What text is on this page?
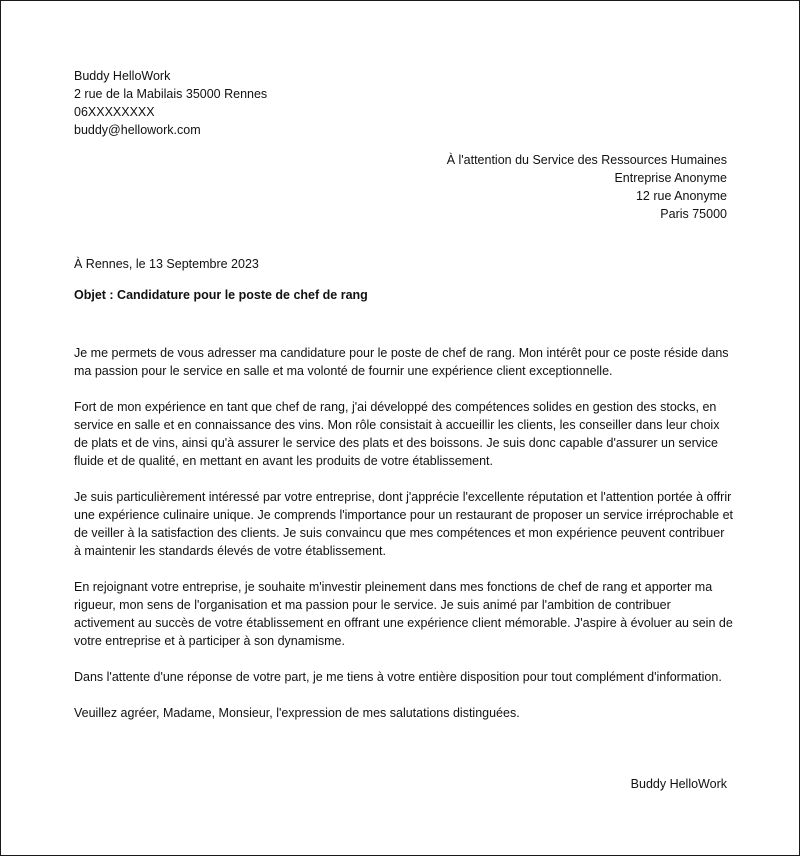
Buddy HelloWork
2 rue de la Mabilais 35000 Rennes
06XXXXXXXX
buddy@hellowork.com
À l'attention du Service des Ressources Humaines
Entreprise Anonyme
12 rue Anonyme
Paris 75000
À Rennes, le 13 Septembre 2023
Objet : Candidature pour le poste de chef de rang

Je me permets de vous adresser ma candidature pour le poste de chef de rang. Mon intérêt pour ce poste réside dans ma passion pour le service en salle et ma volonté de fournir une expérience client exceptionnelle.

Fort de mon expérience en tant que chef de rang, j'ai développé des compétences solides en gestion des stocks, en service en salle et en connaissance des vins. Mon rôle consistait à accueillir les clients, les conseiller dans leur choix de plats et de vins, ainsi qu'à assurer le service des plats et des boissons. Je suis donc capable d'assurer un service fluide et de qualité, en mettant en avant les produits de votre établissement.

Je suis particulièrement intéressé par votre entreprise, dont j'apprécie l'excellente réputation et l'attention portée à offrir une expérience culinaire unique. Je comprends l'importance pour un restaurant de proposer un service irréprochable et de veiller à la satisfaction des clients. Je suis convaincu que mes compétences et mon expérience peuvent contribuer à maintenir les standards élevés de votre établissement.

En rejoignant votre entreprise, je souhaite m'investir pleinement dans mes fonctions de chef de rang et apporter ma rigueur, mon sens de l'organisation et ma passion pour le service. Je suis animé par l'ambition de contribuer activement au succès de votre établissement en offrant une expérience client mémorable. J'aspire à évoluer au sein de votre entreprise et à participer à son dynamisme.

Dans l'attente d'une réponse de votre part, je me tiens à votre entière disposition pour tout complément d'information.

Veuillez agréer, Madame, Monsieur, l'expression de mes salutations distinguées.

Buddy HelloWork
